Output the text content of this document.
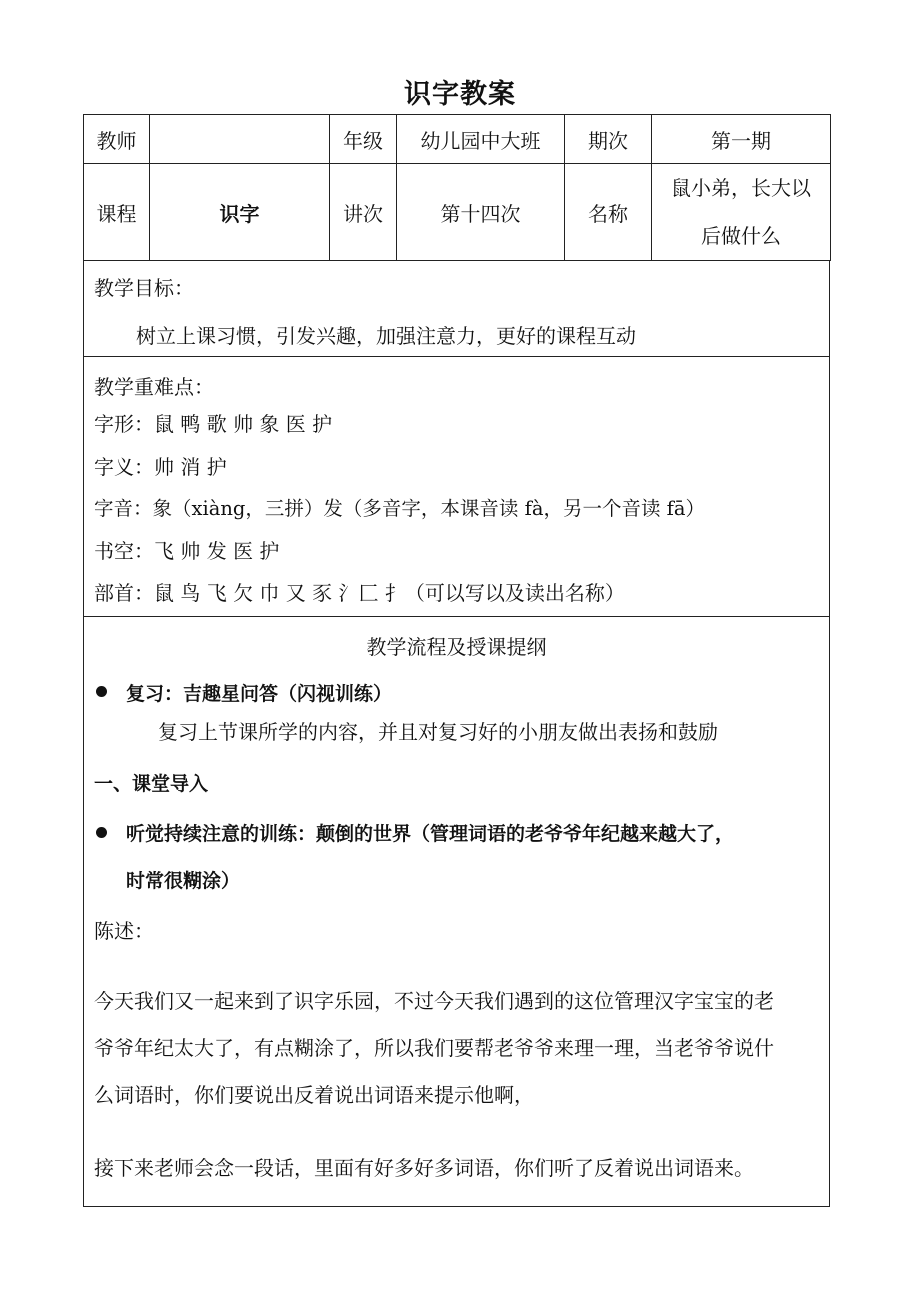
识字教案
教师		年级	幼儿园中大班	期次	第一期
课程	识字	讲次	第十四次	名称	鼠小弟，长大以
后做什么
教学目标：
树立上课习惯，引发兴趣，加强注意力，更好的课程互动
教学重难点：
字形：鼠 鸭 歌 帅 象 医 护
字义：帅 消 护
字音：象（xiàng，三拼）发（多音字，本课音读 fà，另一个音读 fā）
书空：飞 帅 发 医 护
部首：鼠 鸟 飞 欠 巾 又 豕 氵匚 扌（可以写以及读出名称）
教学流程及授课提纲
复习：吉趣星问答（闪视训练）
复习上节课所学的内容，并且对复习好的小朋友做出表扬和鼓励
一、课堂导入
听觉持续注意的训练：颠倒的世界（管理词语的老爷爷年纪越来越大了，
时常很糊涂）
陈述：
今天我们又一起来到了识字乐园，不过今天我们遇到的这位管理汉字宝宝的老
爷爷年纪太大了，有点糊涂了，所以我们要帮老爷爷来理一理，当老爷爷说什
么词语时，你们要说出反着说出词语来提示他啊，
接下来老师会念一段话，里面有好多好多词语，你们听了反着说出词语来。
